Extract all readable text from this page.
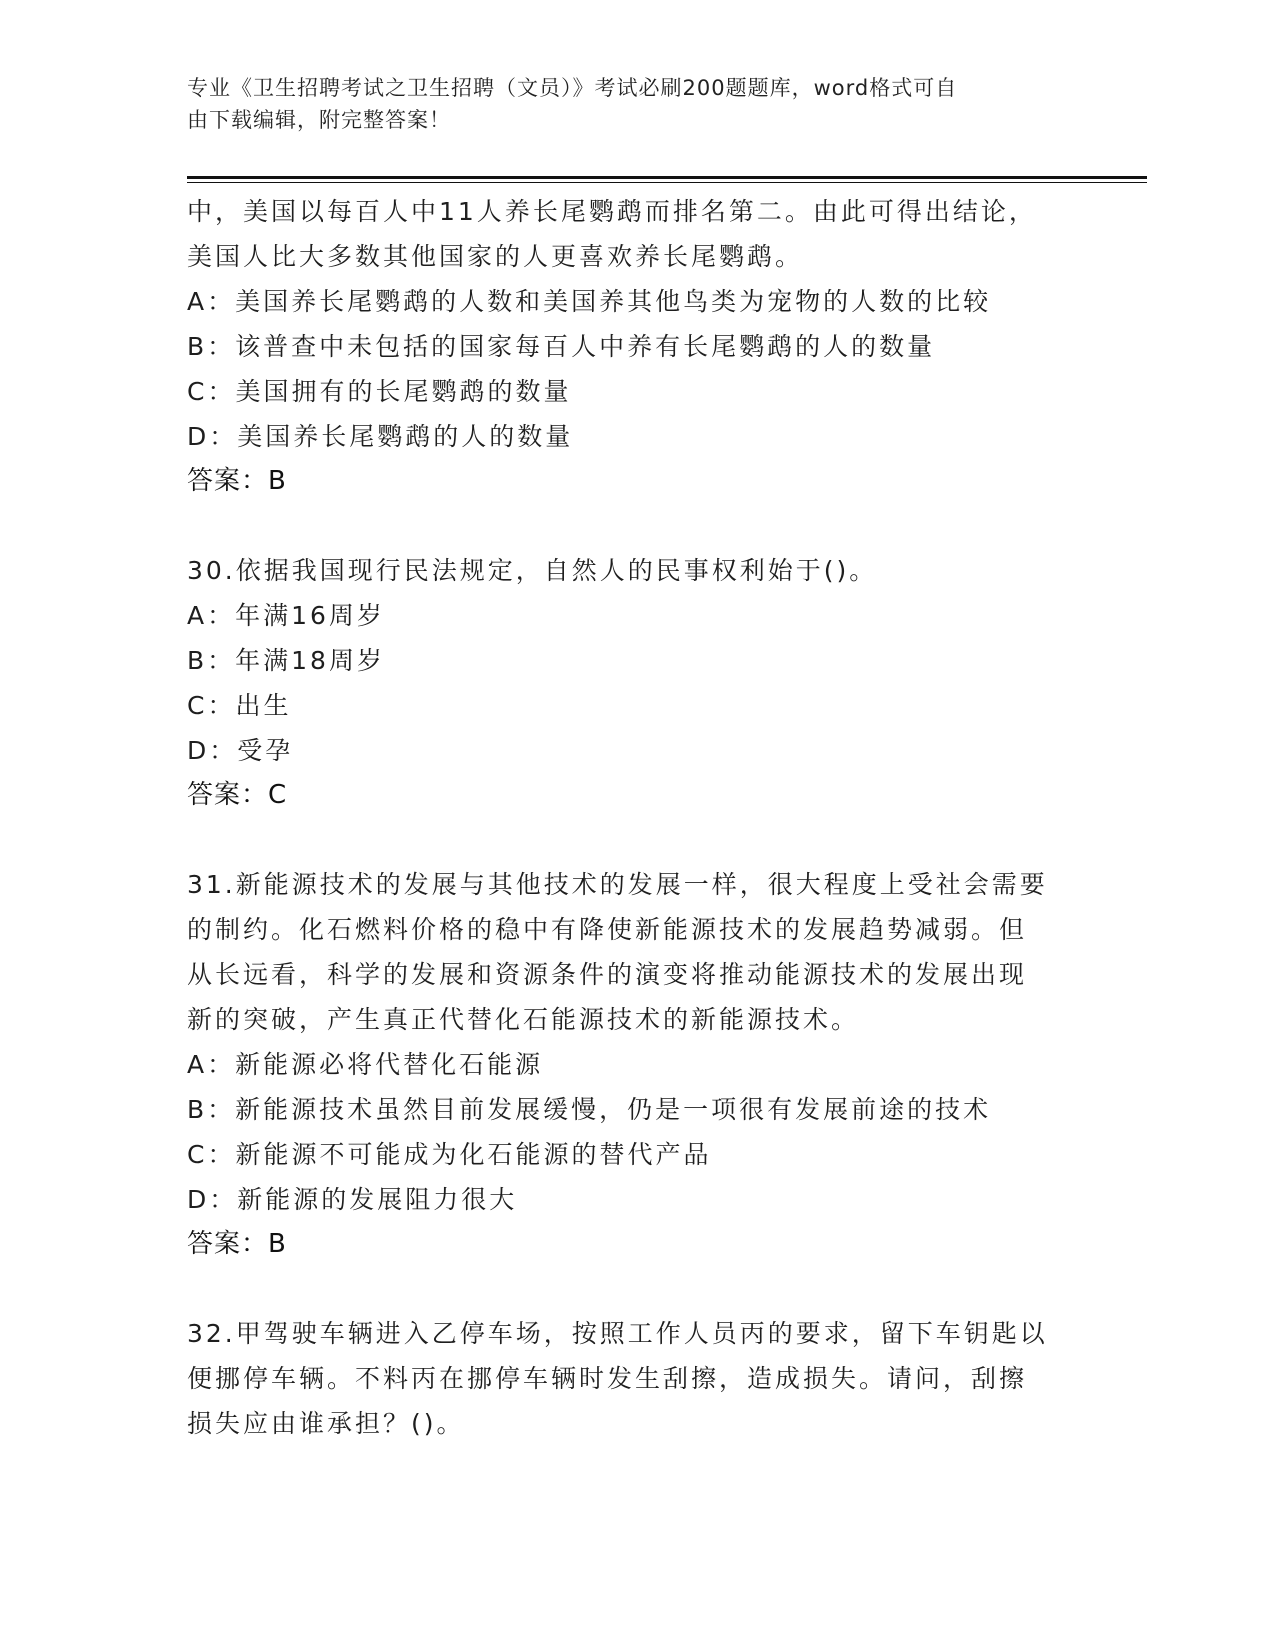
专业《卫生招聘考试之卫生招聘（文员）》考试必刷200题题库，word格式可自
由下载编辑，附完整答案！
中，美国以每百人中11人养长尾鹦鹉而排名第二。由此可得出结论，
美国人比大多数其他国家的人更喜欢养长尾鹦鹉。
A：美国养长尾鹦鹉的人数和美国养其他鸟类为宠物的人数的比较
B：该普查中未包括的国家每百人中养有长尾鹦鹉的人的数量
C：美国拥有的长尾鹦鹉的数量
D：美国养长尾鹦鹉的人的数量
答案：B
30.依据我国现行民法规定，自然人的民事权利始于()。
A：年满16周岁
B：年满18周岁
C：出生
D：受孕
答案：C
31.新能源技术的发展与其他技术的发展一样，很大程度上受社会需要
的制约。化石燃料价格的稳中有降使新能源技术的发展趋势减弱。但
从长远看，科学的发展和资源条件的演变将推动能源技术的发展出现
新的突破，产生真正代替化石能源技术的新能源技术。
A：新能源必将代替化石能源
B：新能源技术虽然目前发展缓慢，仍是一项很有发展前途的技术
C：新能源不可能成为化石能源的替代产品
D：新能源的发展阻力很大
答案：B
32.甲驾驶车辆进入乙停车场，按照工作人员丙的要求，留下车钥匙以
便挪停车辆。不料丙在挪停车辆时发生刮擦，造成损失。请问，刮擦
损失应由谁承担？()。
